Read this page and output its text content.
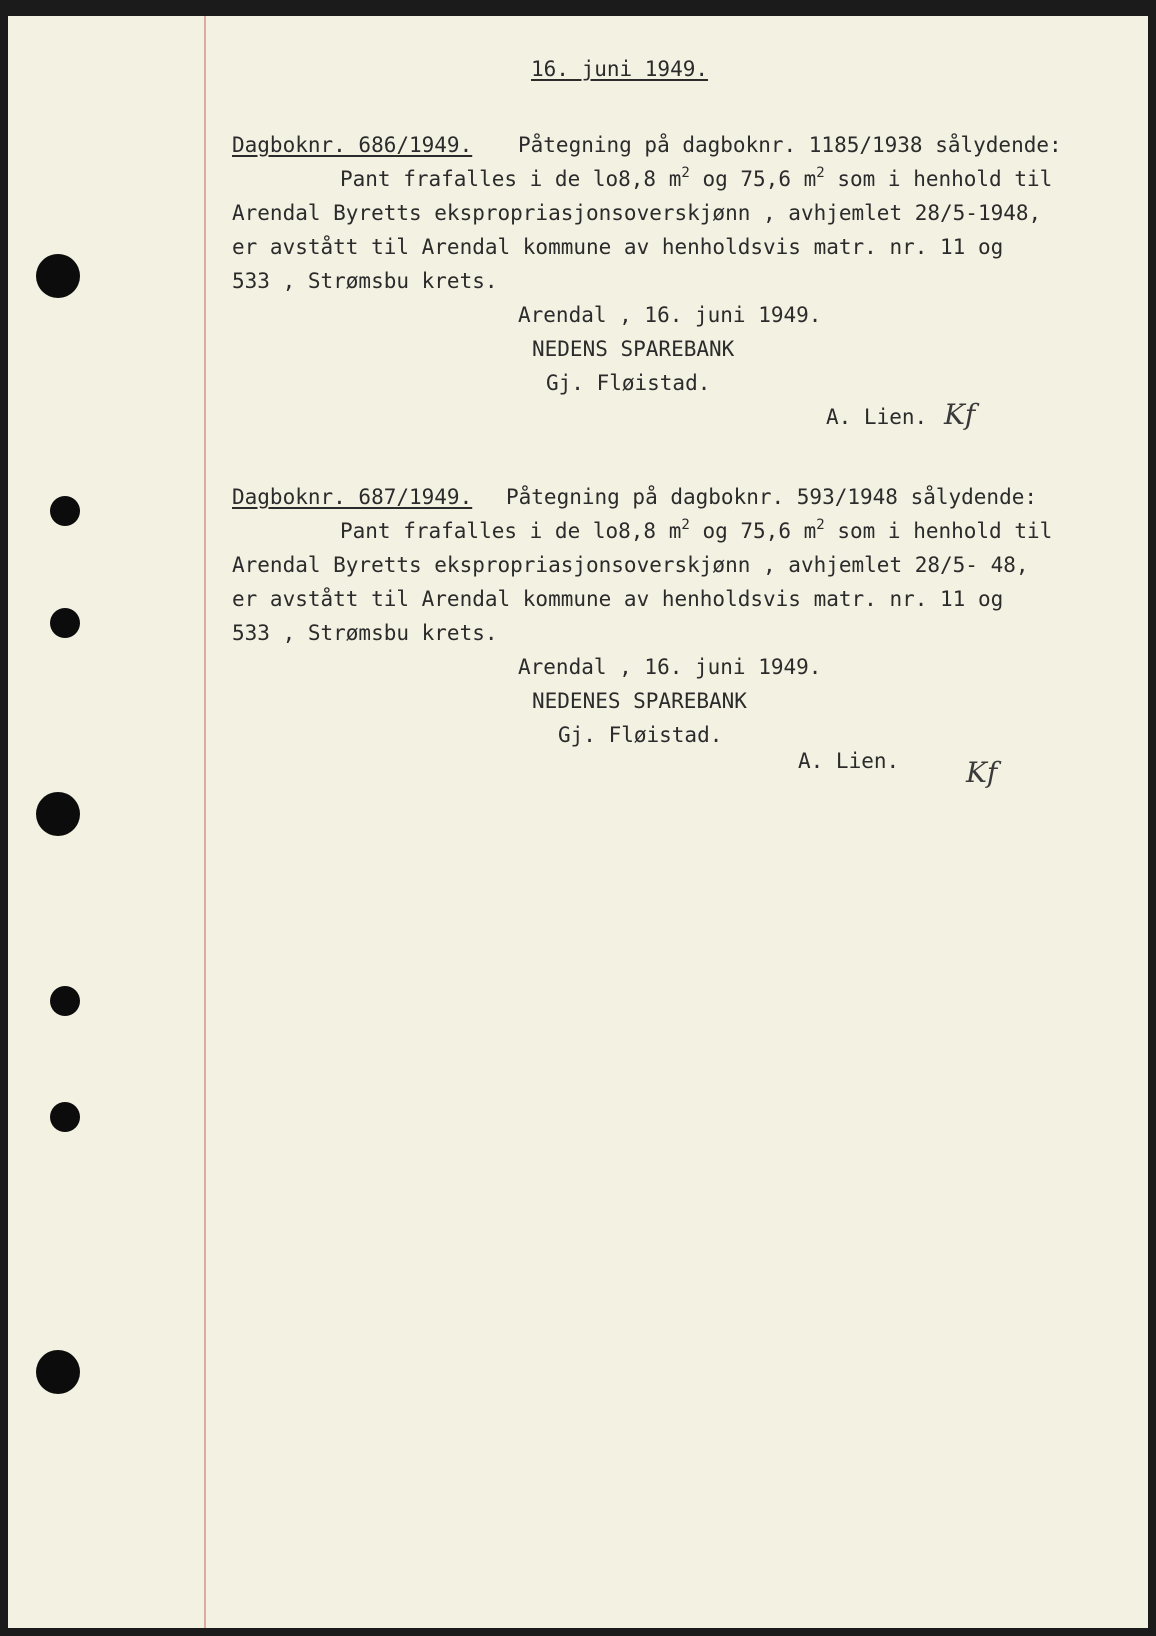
16. juni 1949.
Dagboknr. 686/1949. Påtegning på dagboknr. 1185/1938 sålydende:
Pant frafalles i de lo8,8 $m^2$ og 75,6 $m^2$ som i henhold til
Arendal Byretts ekspropriasjonsoverskjønn , avhjemlet 28/5-1948,
er avstått til Arendal kommune av henholdsvis matr. nr. 11 og
533 , Strømsbu krets.
Arendal , 16. juni 1949.
NEDENS SPAREBANK
Gj. Fløistad.
A. Lien. Kf
Dagboknr. 687/1949. Påtegning på dagboknr. 593/1948 sålydende:
Pant frafalles i de lo8,8 $m^2$ og 75,6 $m^2$ som i henhold til
Arendal Byretts ekspropriasjonsoverskjønn , avhjemlet 28/5- 48,
er avstått til Arendal kommune av henholdsvis matr. nr. 11 og
533 , Strømsbu krets.
Arendal , 16. juni 1949.
NEDENES SPAREBANK
Gj. Fløistad.
A. Lien. Kf
